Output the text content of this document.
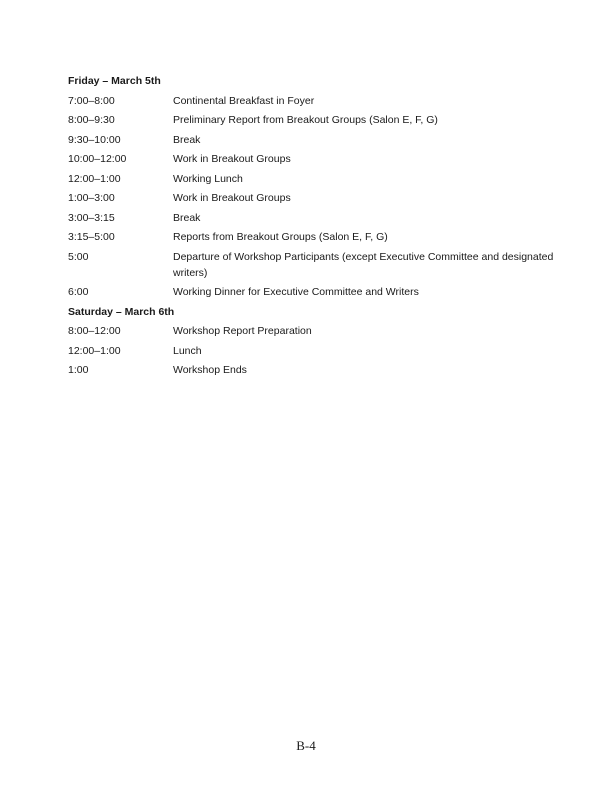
Friday – March 5th
7:00–8:00	Continental Breakfast in Foyer
8:00–9:30	Preliminary Report from Breakout Groups (Salon E, F, G)
9:30–10:00	Break
10:00–12:00	Work in Breakout Groups
12:00–1:00	Working Lunch
1:00–3:00	Work in Breakout Groups
3:00–3:15	Break
3:15–5:00	Reports from Breakout Groups (Salon E, F, G)
5:00	Departure of Workshop Participants (except Executive Committee and designated writers)
6:00	Working Dinner for Executive Committee and Writers
Saturday – March 6th
8:00–12:00	Workshop Report Preparation
12:00–1:00	Lunch
1:00	Workshop Ends
B-4
